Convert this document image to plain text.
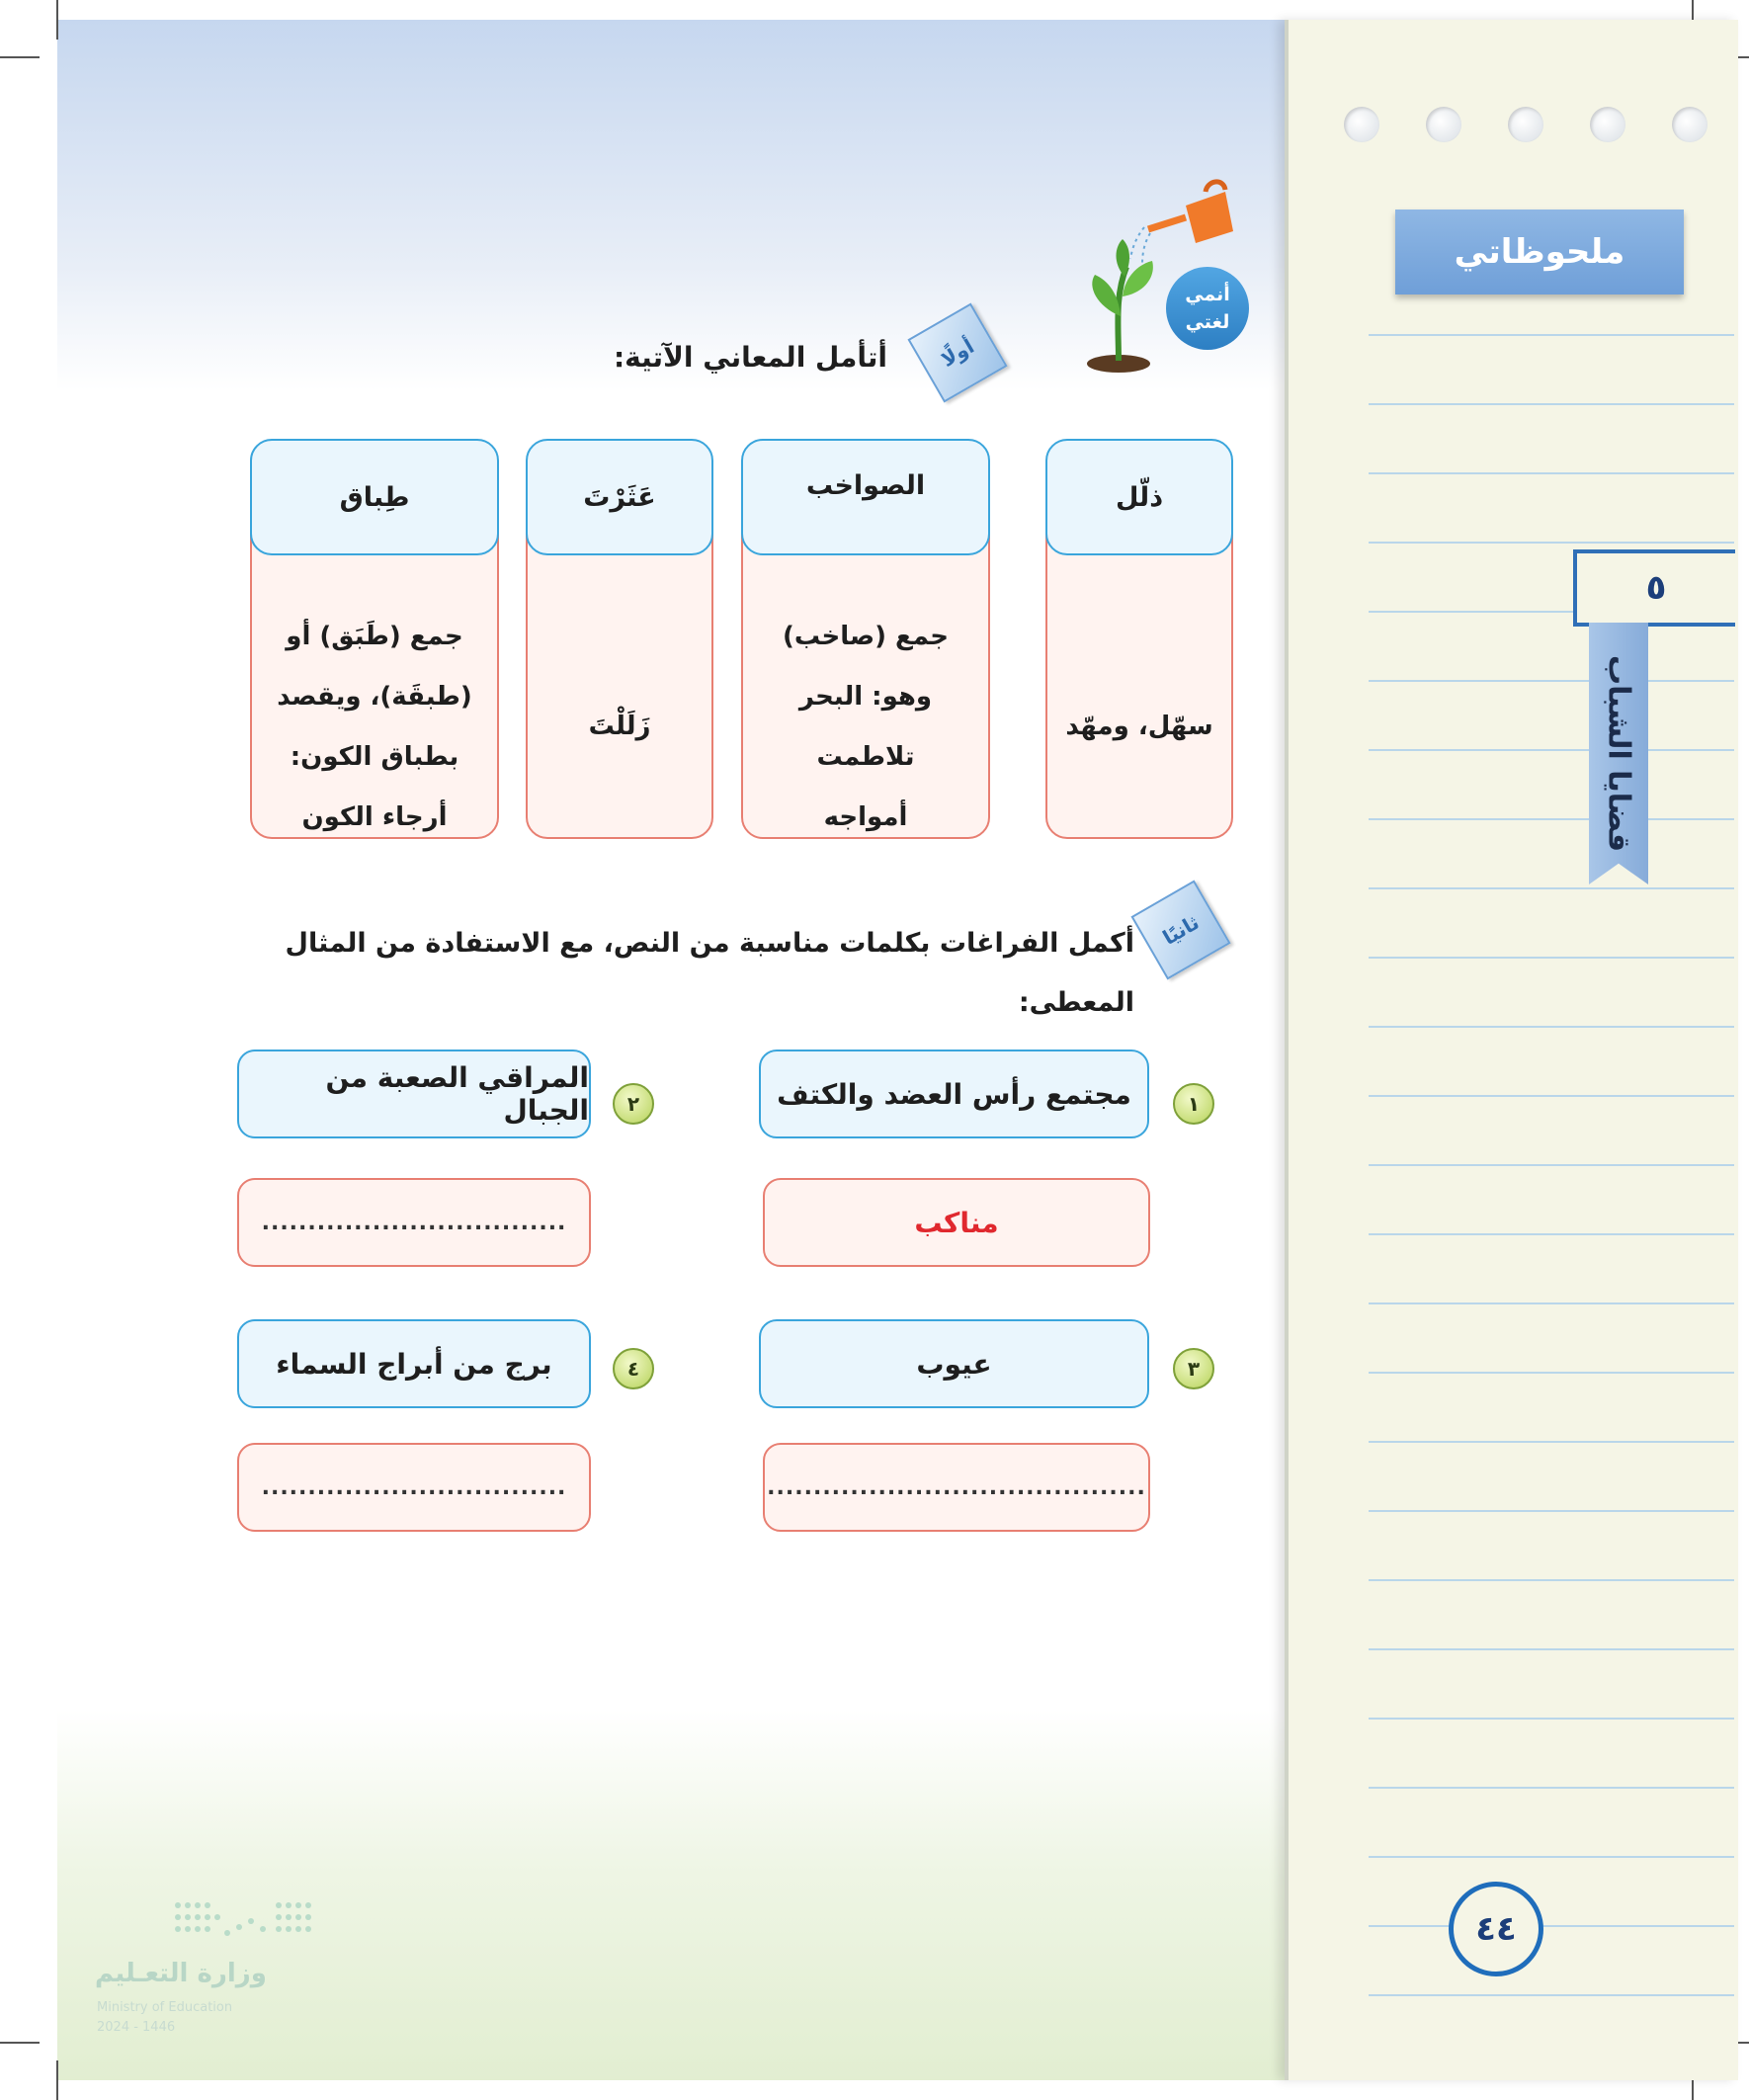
ملحوظاتي
٥
قضايا الشباب
٤٤
أنمي
لغتي
أولًا
أتأمل المعاني الآتية:
سهّل، ومهّد
ذلّل
جمع (صاخب) وهو: البحر تلاطمت أمواجه
الصواخب
زَلَلْتَ
عَثَرْتَ
جمع (طَبَق) أو (طبقَة)، ويقصد بطباق الكون: أرجاء الكون
طِباق
ثانيًا
أكمل الفراغات بكلمات مناسبة من النص، مع الاستفادة من المثال المعطى:
١
مجتمع رأس العضد والكتف
مناكب
٢
المراقي الصعبة من الجبال
.................................
٣
عيوب
.........................................
٤
برج من أبراج السماء
.................................
وزارة التعـليم
Ministry of Education
2024 - 1446
